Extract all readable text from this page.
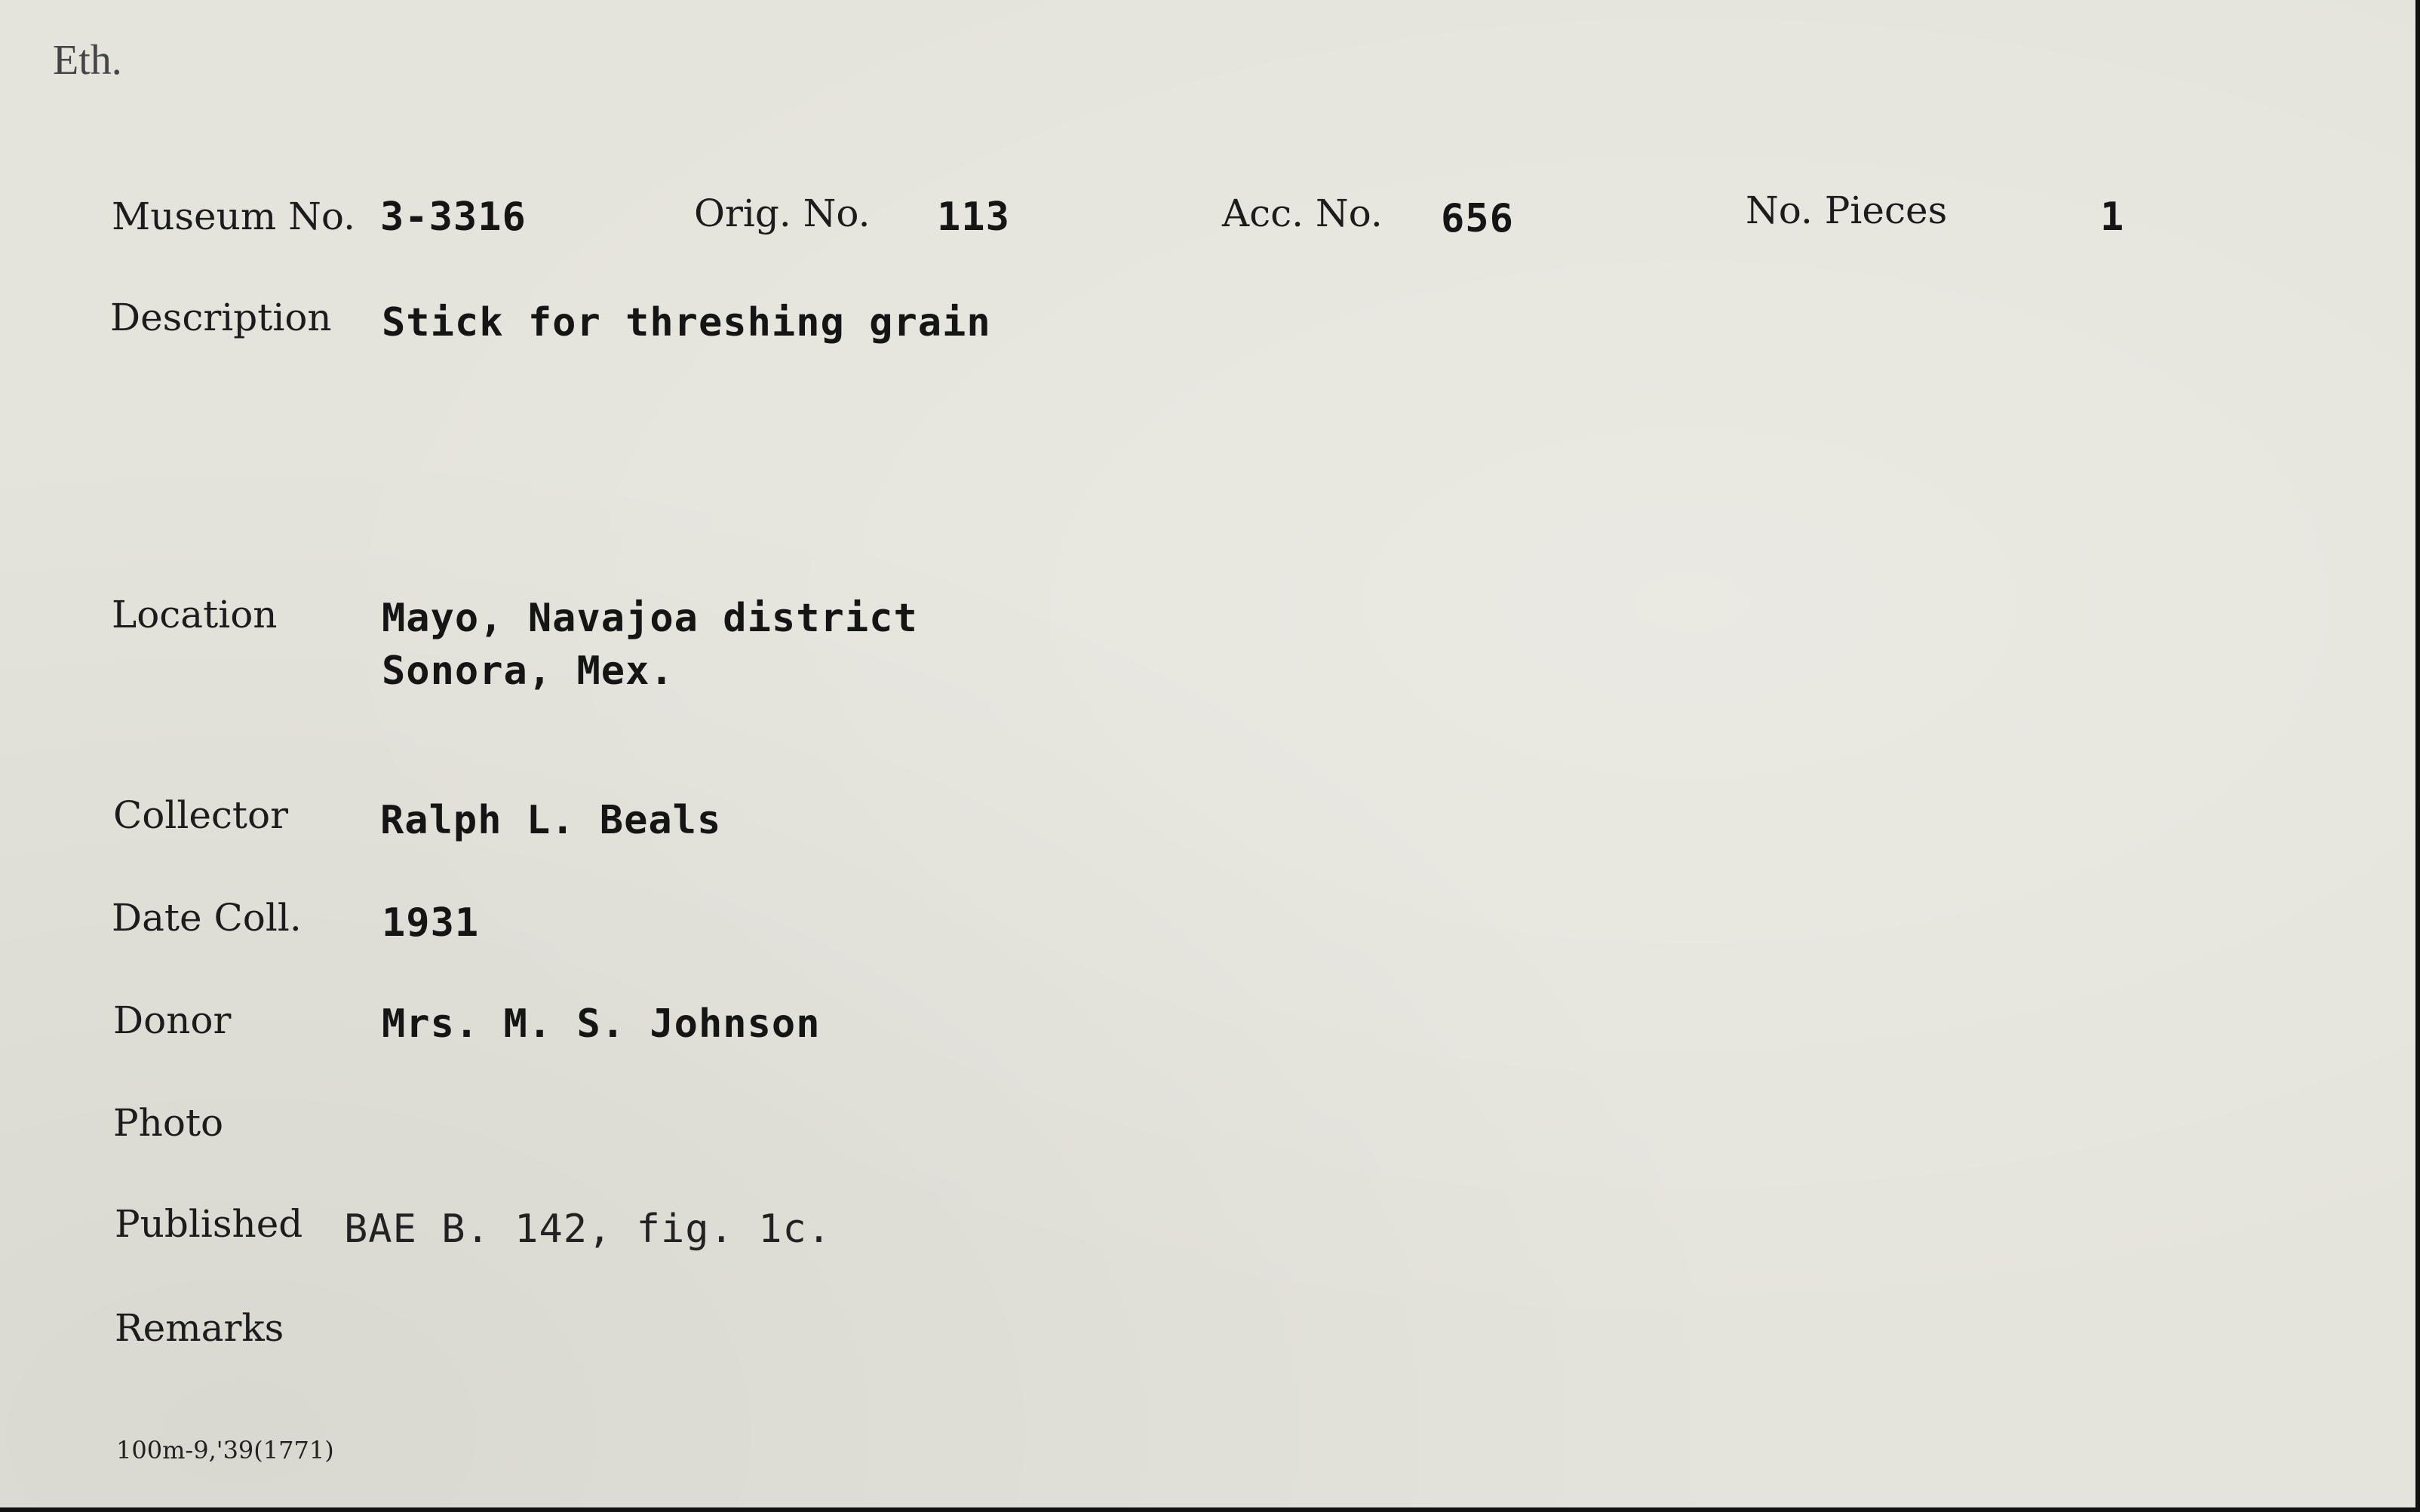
Eth.
Museum No. 3-3316	Orig. No. 113	Acc. No. 656	No. Pieces	1
Description Stick for threshing grain
Location	Mayo, Navajoa district
Sonora, Mex.
Collector Ralph L. Beals
Date Coll. 1931
Donor	Mrs. M. S. Johnson
Photo
Published BAE B. 142, fig. 1c.
Remarks
100m-9,'39(1771)
